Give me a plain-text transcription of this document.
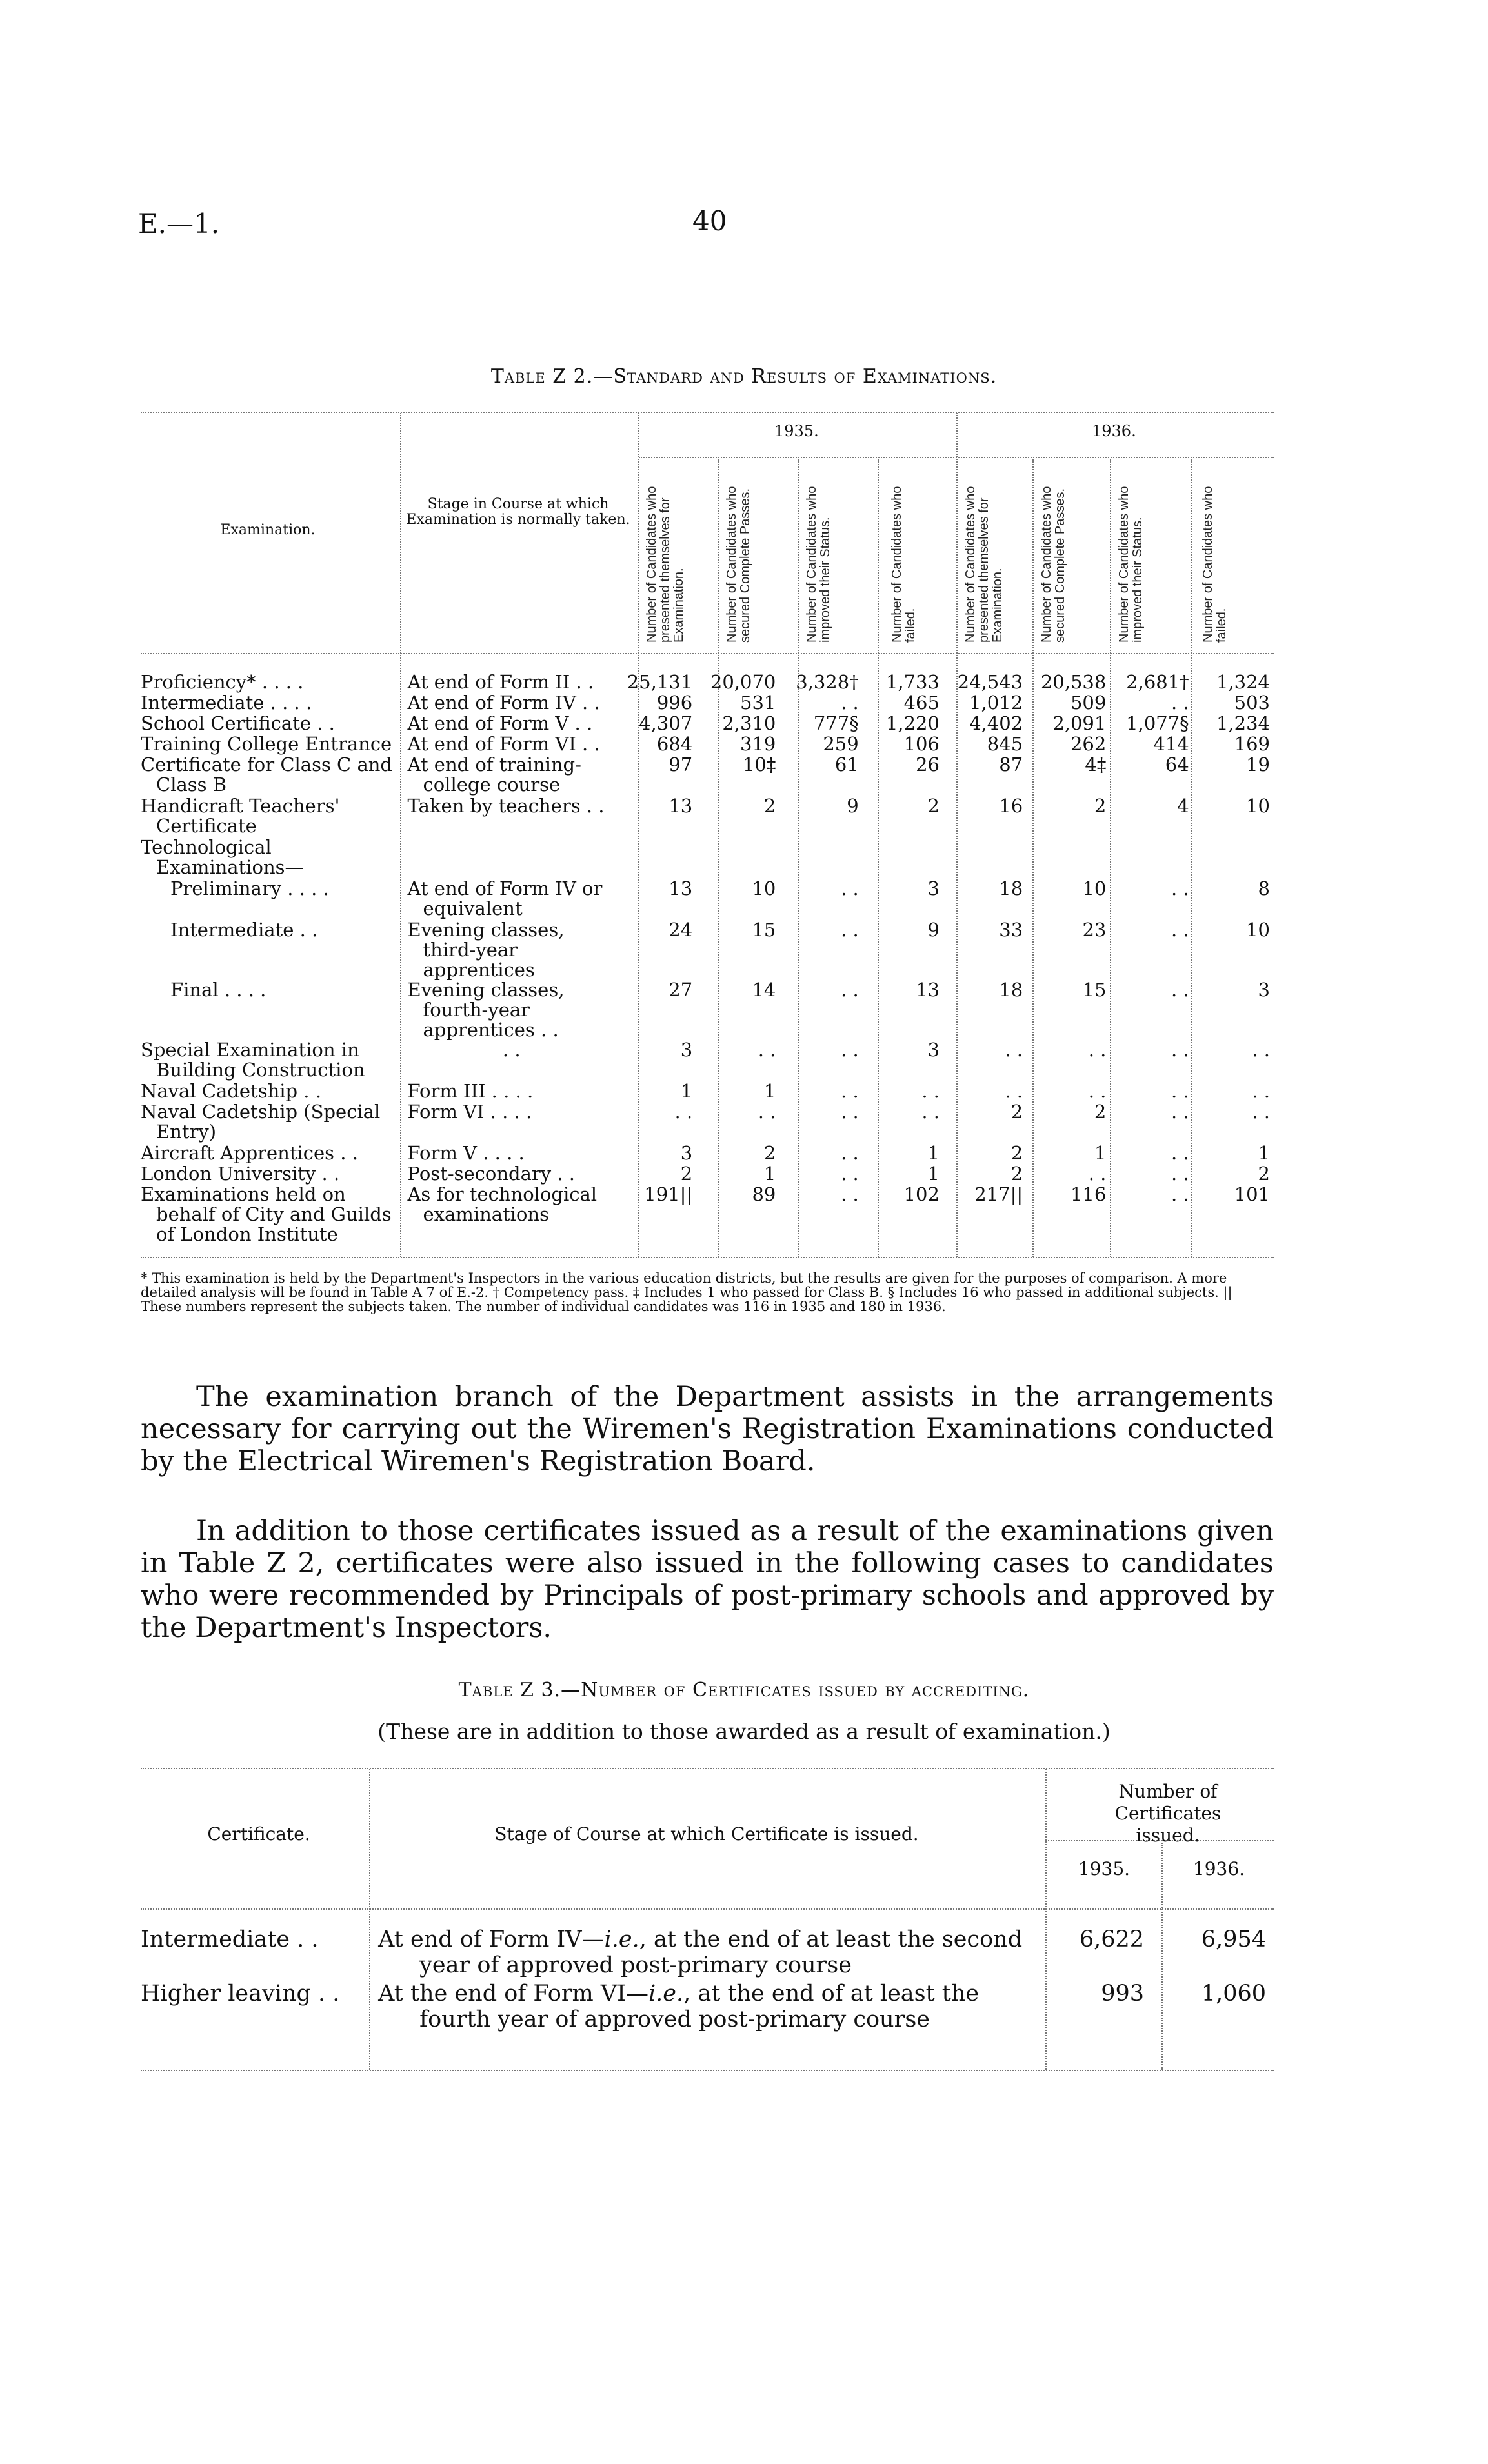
E.—1.	40
Table Z 2.—Standard and Results of Examinations.
Examination.
Stage in Course at which Examination is normally taken.
1935.	1936.
Number of Candidates who presented themselves for Examination.	Number of Candidates who secured Complete Passes.	Number of Candidates who improved their Status.	Number of Candidates who failed.	Number of Candidates who presented themselves for Examination.	Number of Candidates who secured Complete Passes.	Number of Candidates who improved their Status.	Number of Candidates who failed.
Proficiency* . . . .	At end of Form II . .	25,131	20,070	3,328†	1,733	24,543	20,538	2,681†	1,324
Intermediate . . . .	At end of Form IV . .	996	531	. .	465	1,012	509	. .	503
School Certificate . .	At end of Form V . .	4,307	2,310	777§	1,220	4,402	2,091	1,077§	1,234
Training College Entrance	At end of Form VI . .	684	319	259	106	845	262	414	169

Certificate for Class C and Class B	At end of training-college course	97	10‡	61	26	87	4‡	64	19

Handicraft Teachers' Certificate	Taken by teachers . .	13	2	9	2	16	2	4	10

Technological Examinations—									

Preliminary . . . .	At end of Form IV or equivalent	13	10	. .	3	18	10	. .	8
Intermediate . .	Evening classes, third-year apprentices	24	15	. .	9	33	23	. .	10
Final . . . .	Evening classes, fourth-year apprentices . .	27	14	. .	13	18	15	. .	3

Special Examination in Building Construction	. .	3	. .	. .	3	. .	. .	. .	. .
Naval Cadetship . .	Form III . . . .	1	1	. .	. .	. .	. .	. .	. .

Naval Cadetship (Special Entry)	Form VI . . . .	. .	. .	. .	. .	2	2	. .	. .
Aircraft Apprentices . .	Form V . . . .	3	2	. .	1	2	1	. .	1
London University . .	Post-secondary . .	2	1	. .	1	2	. .	. .	2

Examinations held on behalf of City and Guilds of London Institute	As for technological examinations	191||	89	. .	102	217||	116	. .	101
* This examination is held by the Department's Inspectors in the various education districts, but the results are given for the purposes of comparison. A more detailed analysis will be found in Table A 7 of E.-2. † Competency pass. ‡ Includes 1 who passed for Class B. § Includes 16 who passed in additional subjects. || These numbers represent the subjects taken. The number of individual candidates was 116 in 1935 and 180 in 1936.
The examination branch of the Department assists in the arrangements necessary for carrying out the Wiremen's Registration Examinations conducted by the Electrical Wiremen's Registration Board.
In addition to those certificates issued as a result of the examinations given in Table Z 2, certificates were also issued in the following cases to candidates who were recommended by Principals of post-primary schools and approved by the Department's Inspectors.
Table Z 3.—Number of Certificates issued by accrediting.
(These are in addition to those awarded as a result of examination.)
Certificate.	Stage of Course at which Certificate is issued.
Number of Certificates issued.
1935.	1936.
Intermediate . .	At end of Form IV—i.e., at the end of at least the second year of approved post-primary course	6,622	6,954
Higher leaving . .	At the end of Form VI—i.e., at the end of at least the fourth year of approved post-primary course	993	1,060
